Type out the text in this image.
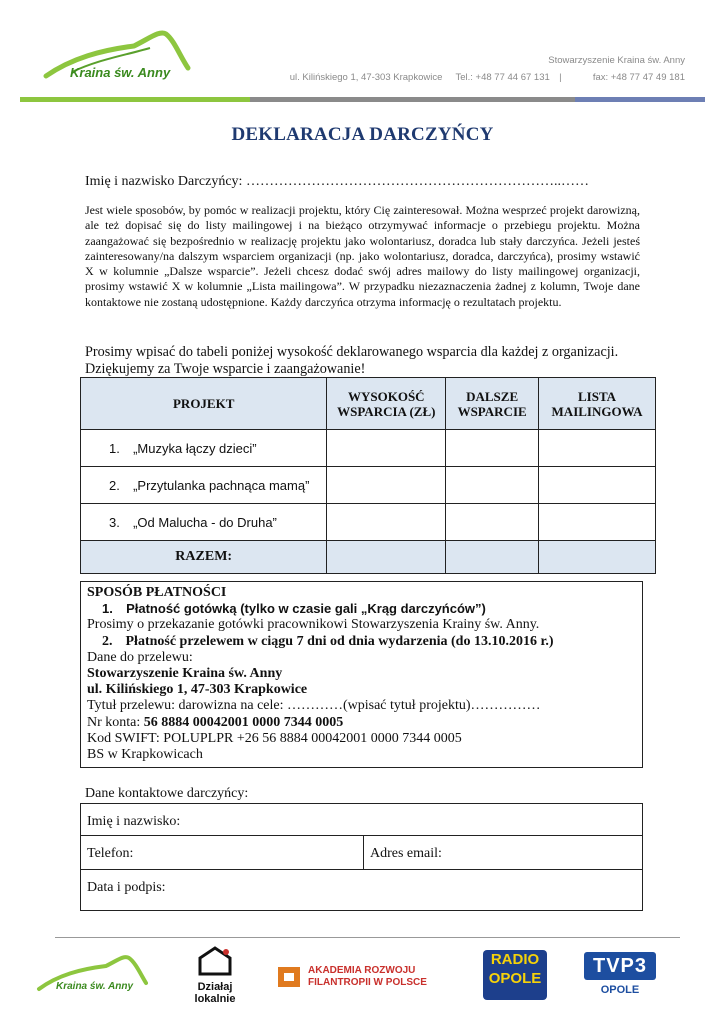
Kraina św. Anny
Stowarzyszenie Kraina św. Anny
ul. Kilińskiego 1, 47-303 Krapkowice Tel.: +48 77 44 67 131 |	fax: +48 77 47 49 181
DEKLARACJA DARCZYŃCY
Imię i nazwisko Darczyńcy: …………………………………………………………..……
Jest wiele sposobów, by pomóc w realizacji projektu, który Cię zainteresował. Można wesprzeć projekt darowizną, ale też dopisać się do listy mailingowej i na bieżąco otrzymywać informacje o przebiegu projektu. Można zaangażować się bezpośrednio w realizację projektu jako wolontariusz, doradca lub stały darczyńca. Jeżeli jesteś zainteresowany/na dalszym wsparciem organizacji (np. jako wolontariusz, doradca, darczyńca), prosimy wstawić X w kolumnie „Dalsze wsparcie”. Jeżeli chcesz dodać swój adres mailowy do listy mailingowej organizacji, prosimy wstawić X w kolumnie „Lista mailingowa”. W przypadku niezaznaczenia żadnej z kolumn, Twoje dane kontaktowe nie zostaną udostępnione. Każdy darczyńca otrzyma informację o rezultatach projektu.
Prosimy wpisać do tabeli poniżej wysokość deklarowanego wsparcia dla każdej z organizacji.
Dziękujemy za Twoje wsparcie i zaangażowanie!
PROJEKT	WYSOKOŚĆ WSPARCIA (ZŁ)	DALSZE WSPARCIE	LISTA MAILINGOWA
1. „Muzyka łączy dzieci”			
2. „Przytulanka pachnąca mamą”			
3. „Od Malucha - do Druha”			
RAZEM:			
SPOSÓB PŁATNOŚCI
1. Płatność gotówką (tylko w czasie gali „Krąg darczyńców”)
Prosimy o przekazanie gotówki pracownikowi Stowarzyszenia Krainy św. Anny.
2. Płatność przelewem w ciągu 7 dni od dnia wydarzenia (do 13.10.2016 r.)
Dane do przelewu:
Stowarzyszenie Kraina św. Anny
ul. Kilińskiego 1, 47-303 Krapkowice
Tytuł przelewu: darowizna na cele: …………(wpisać tytuł projektu)……………
Nr konta: 56 8884 00042001 0000 7344 0005
Kod SWIFT: POLUPLPR +26 56 8884 00042001 0000 7344 0005
BS w Krapkowicach
Dane kontaktowe darczyńcy:
Imię i nazwisko:
Telefon:	Adres email:
Data i podpis:
Kraina św. Anny	Działaj
lokalnie
AKADEMIA ROZWOJU
FILANTROPII W POLSCE
RADIO
OPOLE
TVP3
OPOLE
